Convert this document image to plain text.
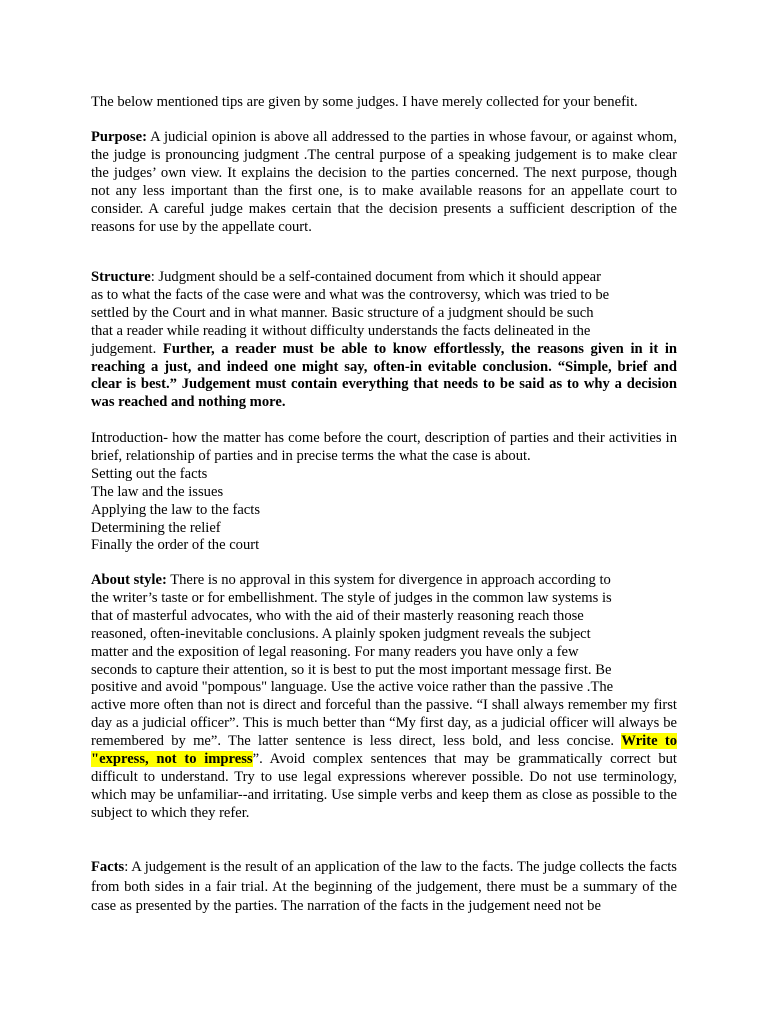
The below mentioned tips are given by some judges. I have merely collected for your benefit.

Purpose: A judicial opinion is above all addressed to the parties in whose favour, or against whom, the judge is pronouncing judgment .The central purpose of a speaking judgement is to make clear the judges’ own view. It explains the decision to the parties concerned. The next purpose, though not any less important than the first one, is to make available reasons for an appellate court to consider. A careful judge makes certain that the decision presents a sufficient description of the reasons for use by the appellate court.

Structure: Judgment should be a self-contained document from which it should appear
as to what the facts of the case were and what was the controversy, which was tried to be
settled by the Court and in what manner. Basic structure of a judgment should be such
that a reader while reading it without difficulty understands the facts delineated in the

judgement. Further, a reader must be able to know effortlessly, the reasons given in it in reaching a just, and indeed one might say, often-in evitable conclusion. “Simple, brief and clear is best.” Judgement must contain everything that needs to be said as to why a decision was reached and nothing more.

Introduction- how the matter has come before the court, description of parties and their activities in brief, relationship of parties and in precise terms the what the case is about.

Setting out the facts
The law and the issues
Applying the law to the facts
Determining the relief
Finally the order of the court
About style: There is no approval in this system for divergence in approach according to
the writer’s taste or for embellishment. The style of judges in the common law systems is
that of masterful advocates, who with the aid of their masterly reasoning reach those
reasoned, often-inevitable conclusions. A plainly spoken judgment reveals the subject
matter and the exposition of legal reasoning. For many readers you have only a few
seconds to capture their attention, so it is best to put the most important message first. Be
positive and avoid "pompous" language. Use the active voice rather than the passive .The

active more often than not is direct and forceful than the passive. “I shall always remember my first day as a judicial officer”. This is much better than “My first day, as a judicial officer will always be remembered by me”. The latter sentence is less direct, less bold, and less concise. Write to "express, not to impress”. Avoid complex sentences that may be grammatically correct but difficult to understand. Try to use legal expressions wherever possible. Do not use terminology, which may be unfamiliar--and irritating. Use simple verbs and keep them as close as possible to the subject to which they refer.

Facts: A judgement is the result of an application of the law to the facts. The judge collects the facts from both sides in a fair trial. At the beginning of the judgement, there must be a summary of the case as presented by the parties. The narration of the facts in the judgement need not be
